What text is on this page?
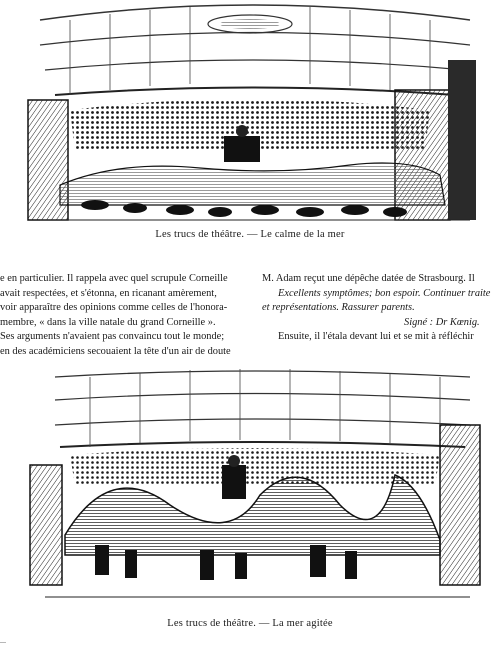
Les trucs de théâtre. — Le calme de la mer

e en particulier. Il rappela avec quel scrupule Corneille

avait respectées, et s'étonna, en ricanant amèrement,

voir apparaître des opinions comme celles de l'honora-

membre, « dans la ville natale du grand Corneille ».

Ses arguments n'avaient pas convaincu tout le monde;

en des académiciens secouaient la tête d'un air de doute

M. Adam reçut une dépêche datée de Strasbourg. Il

Excellents symptômes; bon espoir. Continuer traite

et représentations. Rassurer parents.

Signé : Dr Kœnig.

Ensuite, il l'étala devant lui et se mit à réfléchir

Les trucs de théâtre. — La mer agitée
...
